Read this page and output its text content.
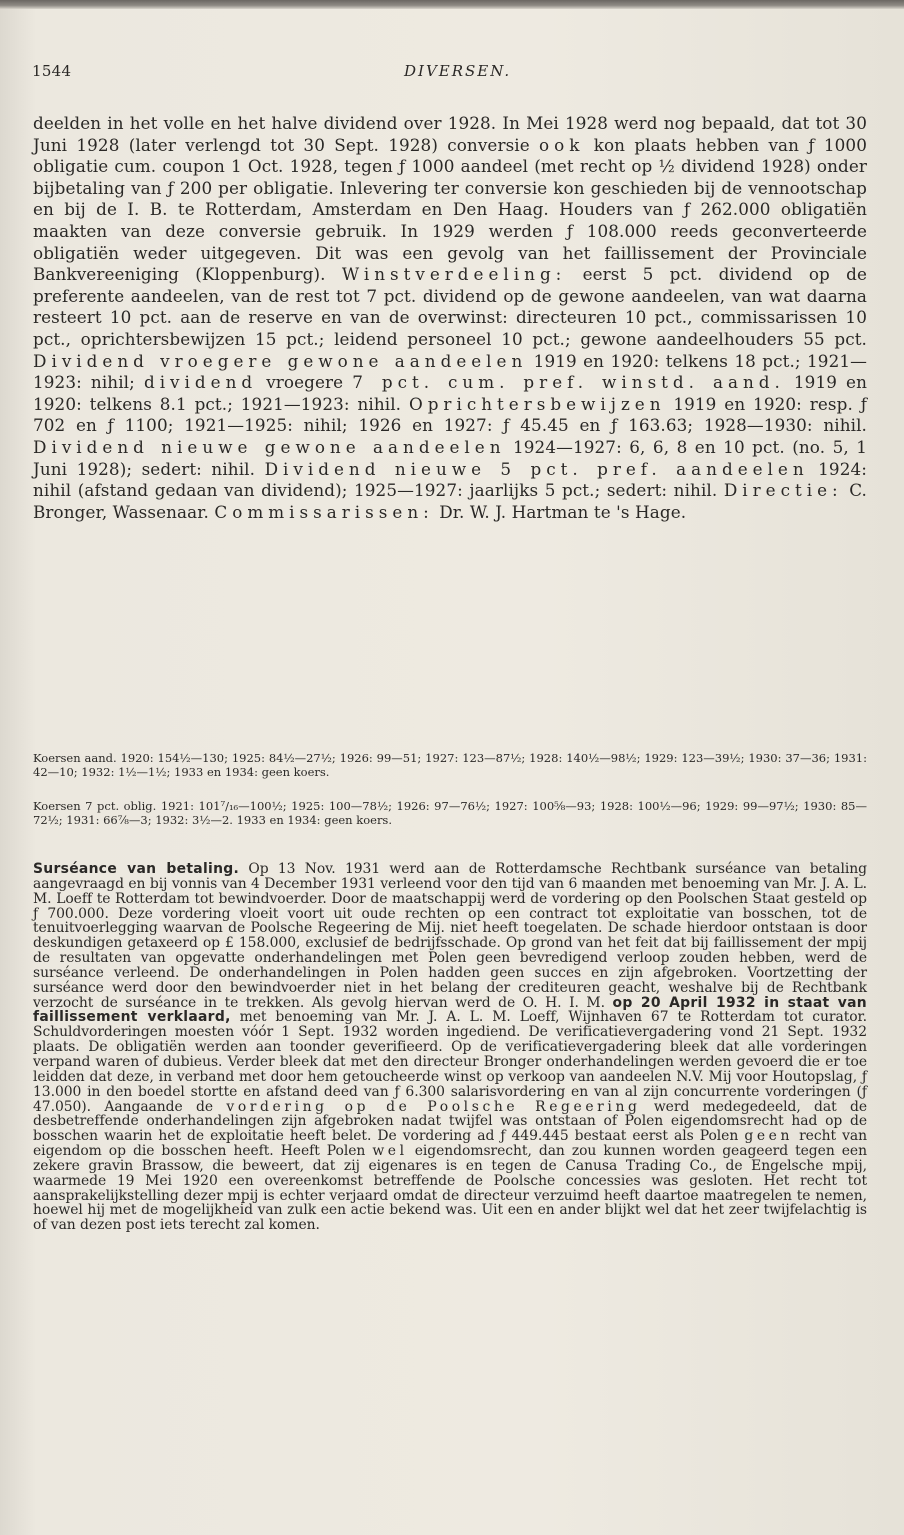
1544	DIVERSEN.

deelden in het volle en het halve dividend over 1928. In Mei 1928 werd nog bepaald, dat tot 30 Juni 1928 (later verlengd tot 30 Sept. 1928) conversie ook kon plaats hebben van ƒ 1000 obligatie cum. coupon 1 Oct. 1928, tegen ƒ 1000 aandeel (met recht op ½ dividend 1928) onder bijbetaling van ƒ 200 per obligatie. Inlevering ter conversie kon geschieden bij de vennootschap en bij de I. B. te Rotterdam, Amsterdam en Den Haag. Houders van ƒ 262.000 obligatiën maakten van deze conversie gebruik. In 1929 werden ƒ 108.000 reeds geconverteerde obligatiën weder uitgegeven. Dit was een gevolg van het faillissement der Provinciale Bankvereeniging (Kloppenburg). Winstverdeeling: eerst 5 pct. dividend op de preferente aandeelen, van de rest tot 7 pct. dividend op de gewone aandeelen, van wat daarna resteert 10 pct. aan de reserve en van de overwinst: directeuren 10 pct., commissarissen 10 pct., oprichtersbewijzen 15 pct.; leidend personeel 10 pct.; gewone aandeelhouders 55 pct. Dividend vroegere gewone aandeelen 1919 en 1920: telkens 18 pct.; 1921—1923: nihil; dividend vroegere 7 pct. cum. pref. winstd. aand. 1919 en 1920: telkens 8.1 pct.; 1921—1923: nihil. Oprichtersbewijzen 1919 en 1920: resp. ƒ 702 en ƒ 1100; 1921—1925: nihil; 1926 en 1927: ƒ 45.45 en ƒ 163.63; 1928—1930: nihil. Dividend nieuwe gewone aandeelen 1924—1927: 6, 6, 8 en 10 pct. (no. 5, 1 Juni 1928); sedert: nihil. Dividend nieuwe 5 pct. pref. aandeelen 1924: nihil (afstand gedaan van dividend); 1925—1927: jaarlijks 5 pct.; sedert: nihil. Directie: C. Bronger, Wassenaar. Commissarissen: Dr. W. J. Hartman te 's Hage.

Koersen aand. 1920: 154½—130; 1925: 84½—27½; 1926: 99—51; 1927: 123—87½; 1928: 140½—98½; 1929: 123—39½; 1930: 37—36; 1931: 42—10; 1932: 1½—1½; 1933 en 1934: geen koers.

Koersen 7 pct. oblig. 1921: 101⁷/₁₆—100½; 1925: 100—78½; 1926: 97—76½; 1927: 100⅝—93; 1928: 100½—96; 1929: 99—97½; 1930: 85—72½; 1931: 66⅞—3; 1932: 3½—2. 1933 en 1934: geen koers.

Surséance van betaling. Op 13 Nov. 1931 werd aan de Rotterdamsche Rechtbank surséance van betaling aangevraagd en bij vonnis van 4 December 1931 verleend voor den tijd van 6 maanden met benoeming van Mr. J. A. L. M. Loeff te Rotterdam tot bewindvoerder. Door de maatschappij werd de vordering op den Poolschen Staat gesteld op ƒ 700.000. Deze vordering vloeit voort uit oude rechten op een contract tot exploitatie van bosschen, tot de tenuitvoerlegging waarvan de Poolsche Regeering de Mij. niet heeft toegelaten. De schade hierdoor ontstaan is door deskundigen getaxeerd op £ 158.000, exclusief de bedrijfsschade. Op grond van het feit dat bij faillissement der mpij de resultaten van opgevatte onderhandelingen met Polen geen bevredigend verloop zouden hebben, werd de surséance verleend. De onderhandelingen in Polen hadden geen succes en zijn afgebroken. Voortzetting der surséance werd door den bewindvoerder niet in het belang der crediteuren geacht, weshalve bij de Rechtbank verzocht de surséance in te trekken. Als gevolg hiervan werd de O. H. I. M. op 20 April 1932 in staat van faillissement verklaard, met benoeming van Mr. J. A. L. M. Loeff, Wijnhaven 67 te Rotterdam tot curator. Schuldvorderingen moesten vóór 1 Sept. 1932 worden ingediend. De verificatievergadering vond 21 Sept. 1932 plaats. De obligatiën werden aan toonder geverifieerd. Op de verificatievergadering bleek dat alle vorderingen verpand waren of dubieus. Verder bleek dat met den directeur Bronger onderhandelingen werden gevoerd die er toe leidden dat deze, in verband met door hem getoucheerde winst op verkoop van aandeelen N.V. Mij voor Houtopslag, ƒ 13.000 in den boedel stortte en afstand deed van ƒ 6.300 salarisvordering en van al zijn concurrente vorderingen (ƒ 47.050). Aangaande de vordering op de Poolsche Regeering werd medegedeeld, dat de desbetreffende onderhandelingen zijn afgebroken nadat twijfel was ontstaan of Polen eigendomsrecht had op de bosschen waarin het de exploitatie heeft belet. De vordering ad ƒ 449.445 bestaat eerst als Polen geen recht van eigendom op die bosschen heeft. Heeft Polen wel eigendomsrecht, dan zou kunnen worden geageerd tegen een zekere gravin Brassow, die beweert, dat zij eigenares is en tegen de Canusa Trading Co., de Engelsche mpij, waarmede 19 Mei 1920 een overeenkomst betreffende de Poolsche concessies was gesloten. Het recht tot aansprakelijkstelling dezer mpij is echter verjaard omdat de directeur verzuimd heeft daartoe maatregelen te nemen, hoewel hij met de mogelijkheid van zulk een actie bekend was. Uit een en ander blijkt wel dat het zeer twijfelachtig is of van dezen post iets terecht zal komen.
